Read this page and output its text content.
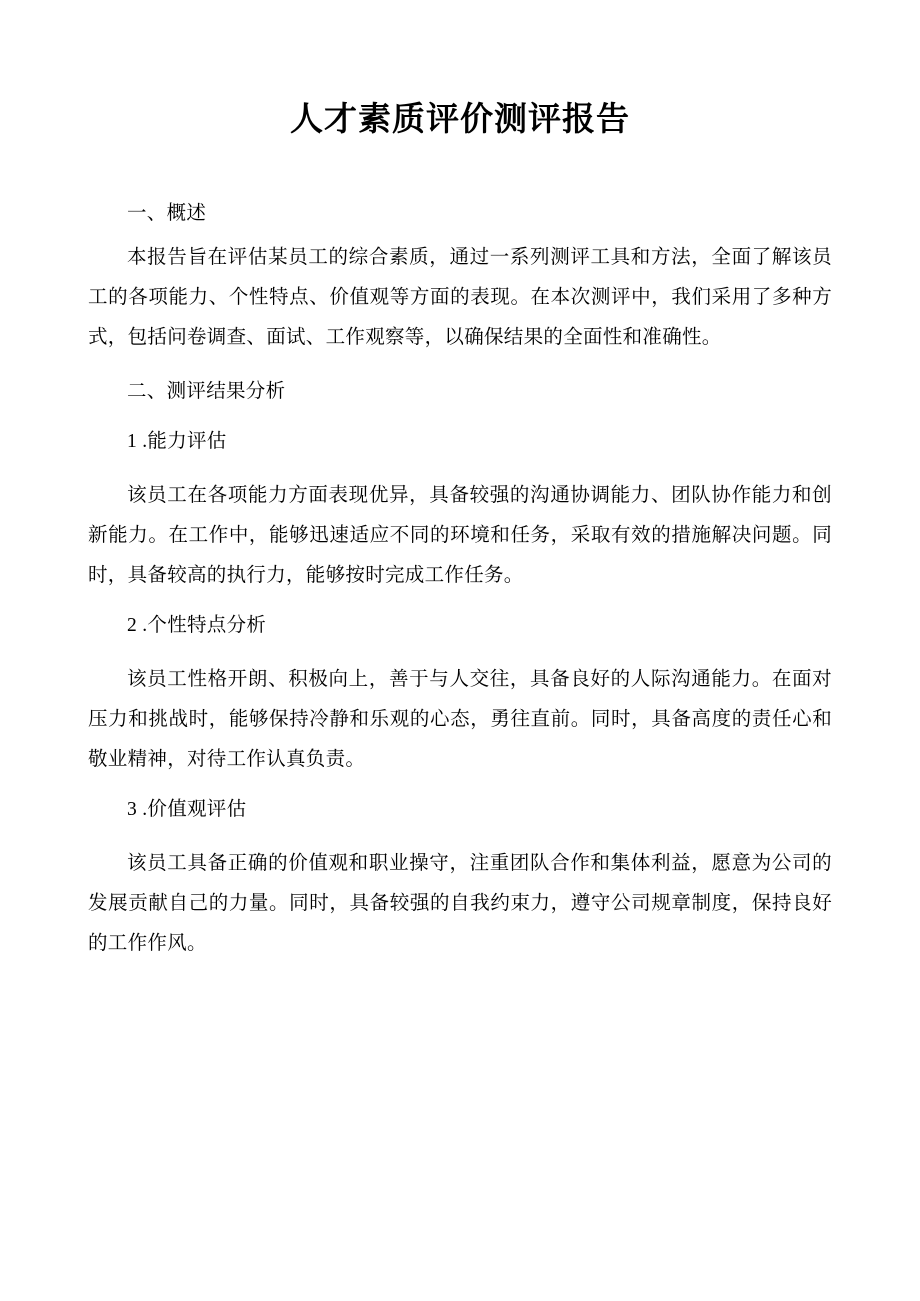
人才素质评价测评报告

一、概述

本报告旨在评估某员工的综合素质，通过一系列测评工具和方法，全面了解该员工的各项能力、个性特点、价值观等方面的表现。在本次测评中，我们采用了多种方式，包括问卷调查、面试、工作观察等，以确保结果的全面性和准确性。

二、测评结果分析

1 .能力评估

该员工在各项能力方面表现优异，具备较强的沟通协调能力、团队协作能力和创新能力。在工作中，能够迅速适应不同的环境和任务，采取有效的措施解决问题。同时，具备较高的执行力，能够按时完成工作任务。

2 .个性特点分析

该员工性格开朗、积极向上，善于与人交往，具备良好的人际沟通能力。在面对压力和挑战时，能够保持冷静和乐观的心态，勇往直前。同时，具备高度的责任心和敬业精神，对待工作认真负责。

3 .价值观评估

该员工具备正确的价值观和职业操守，注重团队合作和集体利益，愿意为公司的发展贡献自己的力量。同时，具备较强的自我约束力，遵守公司规章制度，保持良好的工作作风。
